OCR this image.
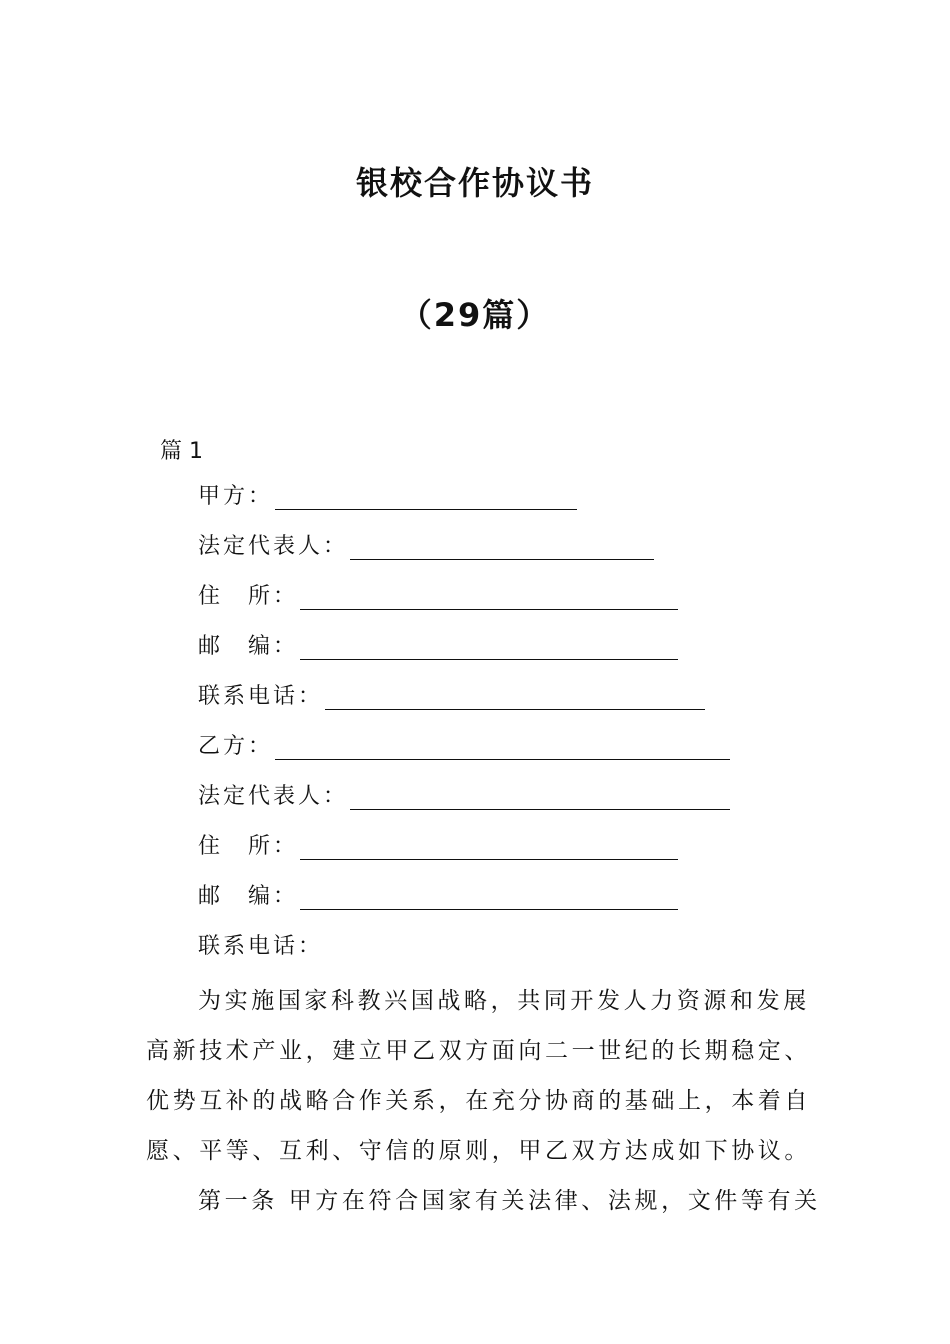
银校合作协议书
（29篇）

篇 1

甲方：
法定代表人：
住　所：
邮　编：
联系电话：
乙方：
法定代表人：
住　所：
邮　编：
联系电话：

为实施国家科教兴国战略，共同开发人力资源和发展

高新技术产业，建立甲乙双方面向二一世纪的长期稳定、

优势互补的战略合作关系，在充分协商的基础上，本着自

愿、平等、互利、守信的原则，甲乙双方达成如下协议。

第一条 甲方在符合国家有关法律、法规，文件等有关
